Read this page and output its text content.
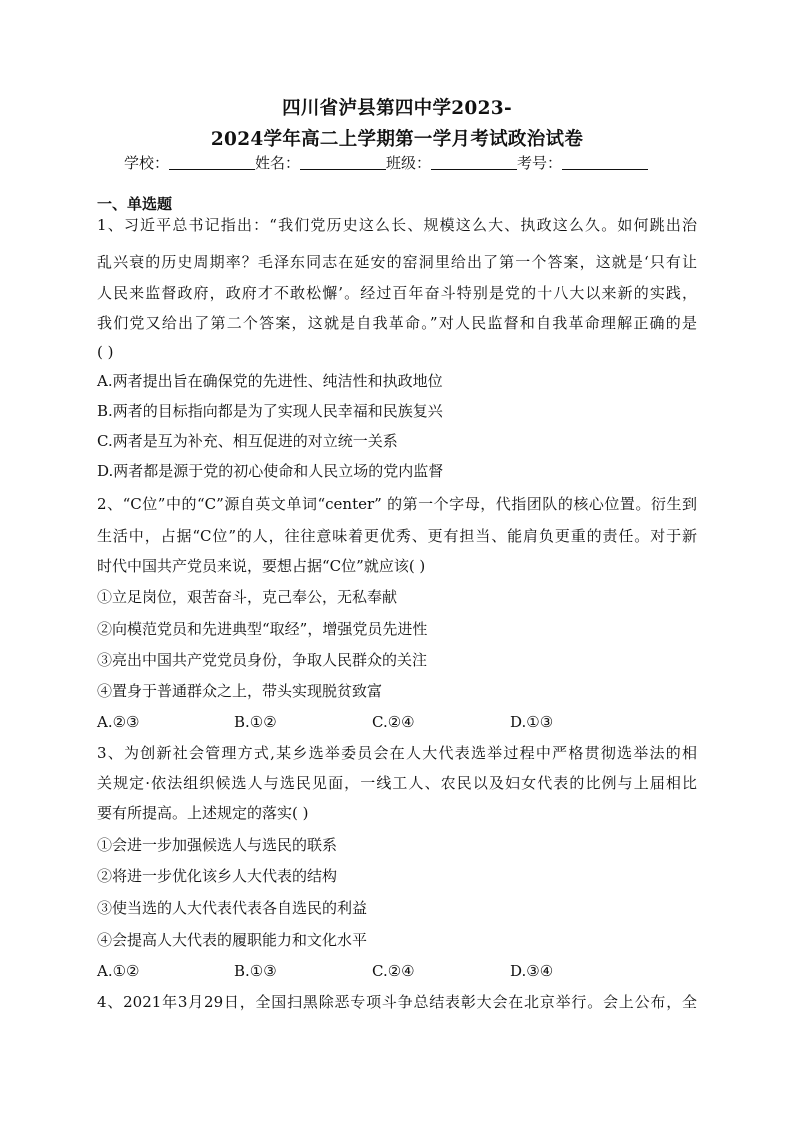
四川省泸县第四中学2023-
2024学年高二上学期第一学月考试政治试卷
学校：	姓名：	班级：	考号：
一、单选题
1、习近平总书记指出：“我们党历史这么长、规模这么大、执政这么久。如何跳出治
乱兴衰的历史周期率？毛泽东同志在延安的窑洞里给出了第一个答案，这就是‘只有让
人民来监督政府，政府才不敢松懈’。经过百年奋斗特别是党的十八大以来新的实践，
我们党又给出了第二个答案，这就是自我革命。”对人民监督和自我革命理解正确的是
( )
A.两者提出旨在确保党的先进性、纯洁性和执政地位
B.两者的目标指向都是为了实现人民幸福和民族复兴
C.两者是互为补充、相互促进的对立统一关系
D.两者都是源于党的初心使命和人民立场的党内监督
2、“C位”中的“C”源自英文单词“center” 的第一个字母，代指团队的核心位置。衍生到
生活中，占据“C位”的人，往往意味着更优秀、更有担当、能肩负更重的责任。对于新
时代中国共产党员来说，要想占据“C位”就应该( )
①立足岗位，艰苦奋斗，克己奉公，无私奉献
②向模范党员和先进典型“取经”，增强党员先进性
③亮出中国共产党党员身份，争取人民群众的关注
④置身于普通群众之上，带头实现脱贫致富
A.②③	B.①②	C.②④	D.①③
3、为创新社会管理方式,某乡选举委员会在人大代表选举过程中严格贯彻选举法的相
关规定·依法组织候选人与选民见面，一线工人、农民以及妇女代表的比例与上届相比
要有所提高。上述规定的落实( )
①会进一步加强候选人与选民的联系
②将进一步优化该乡人大代表的结构
③使当选的人大代表代表各自选民的利益
④会提高人大代表的履职能力和文化水平
A.①②	B.①③	C.②④	D.③④
4、2021年3月29日，全国扫黑除恶专项斗争总结表彰大会在北京举行。会上公布，全
